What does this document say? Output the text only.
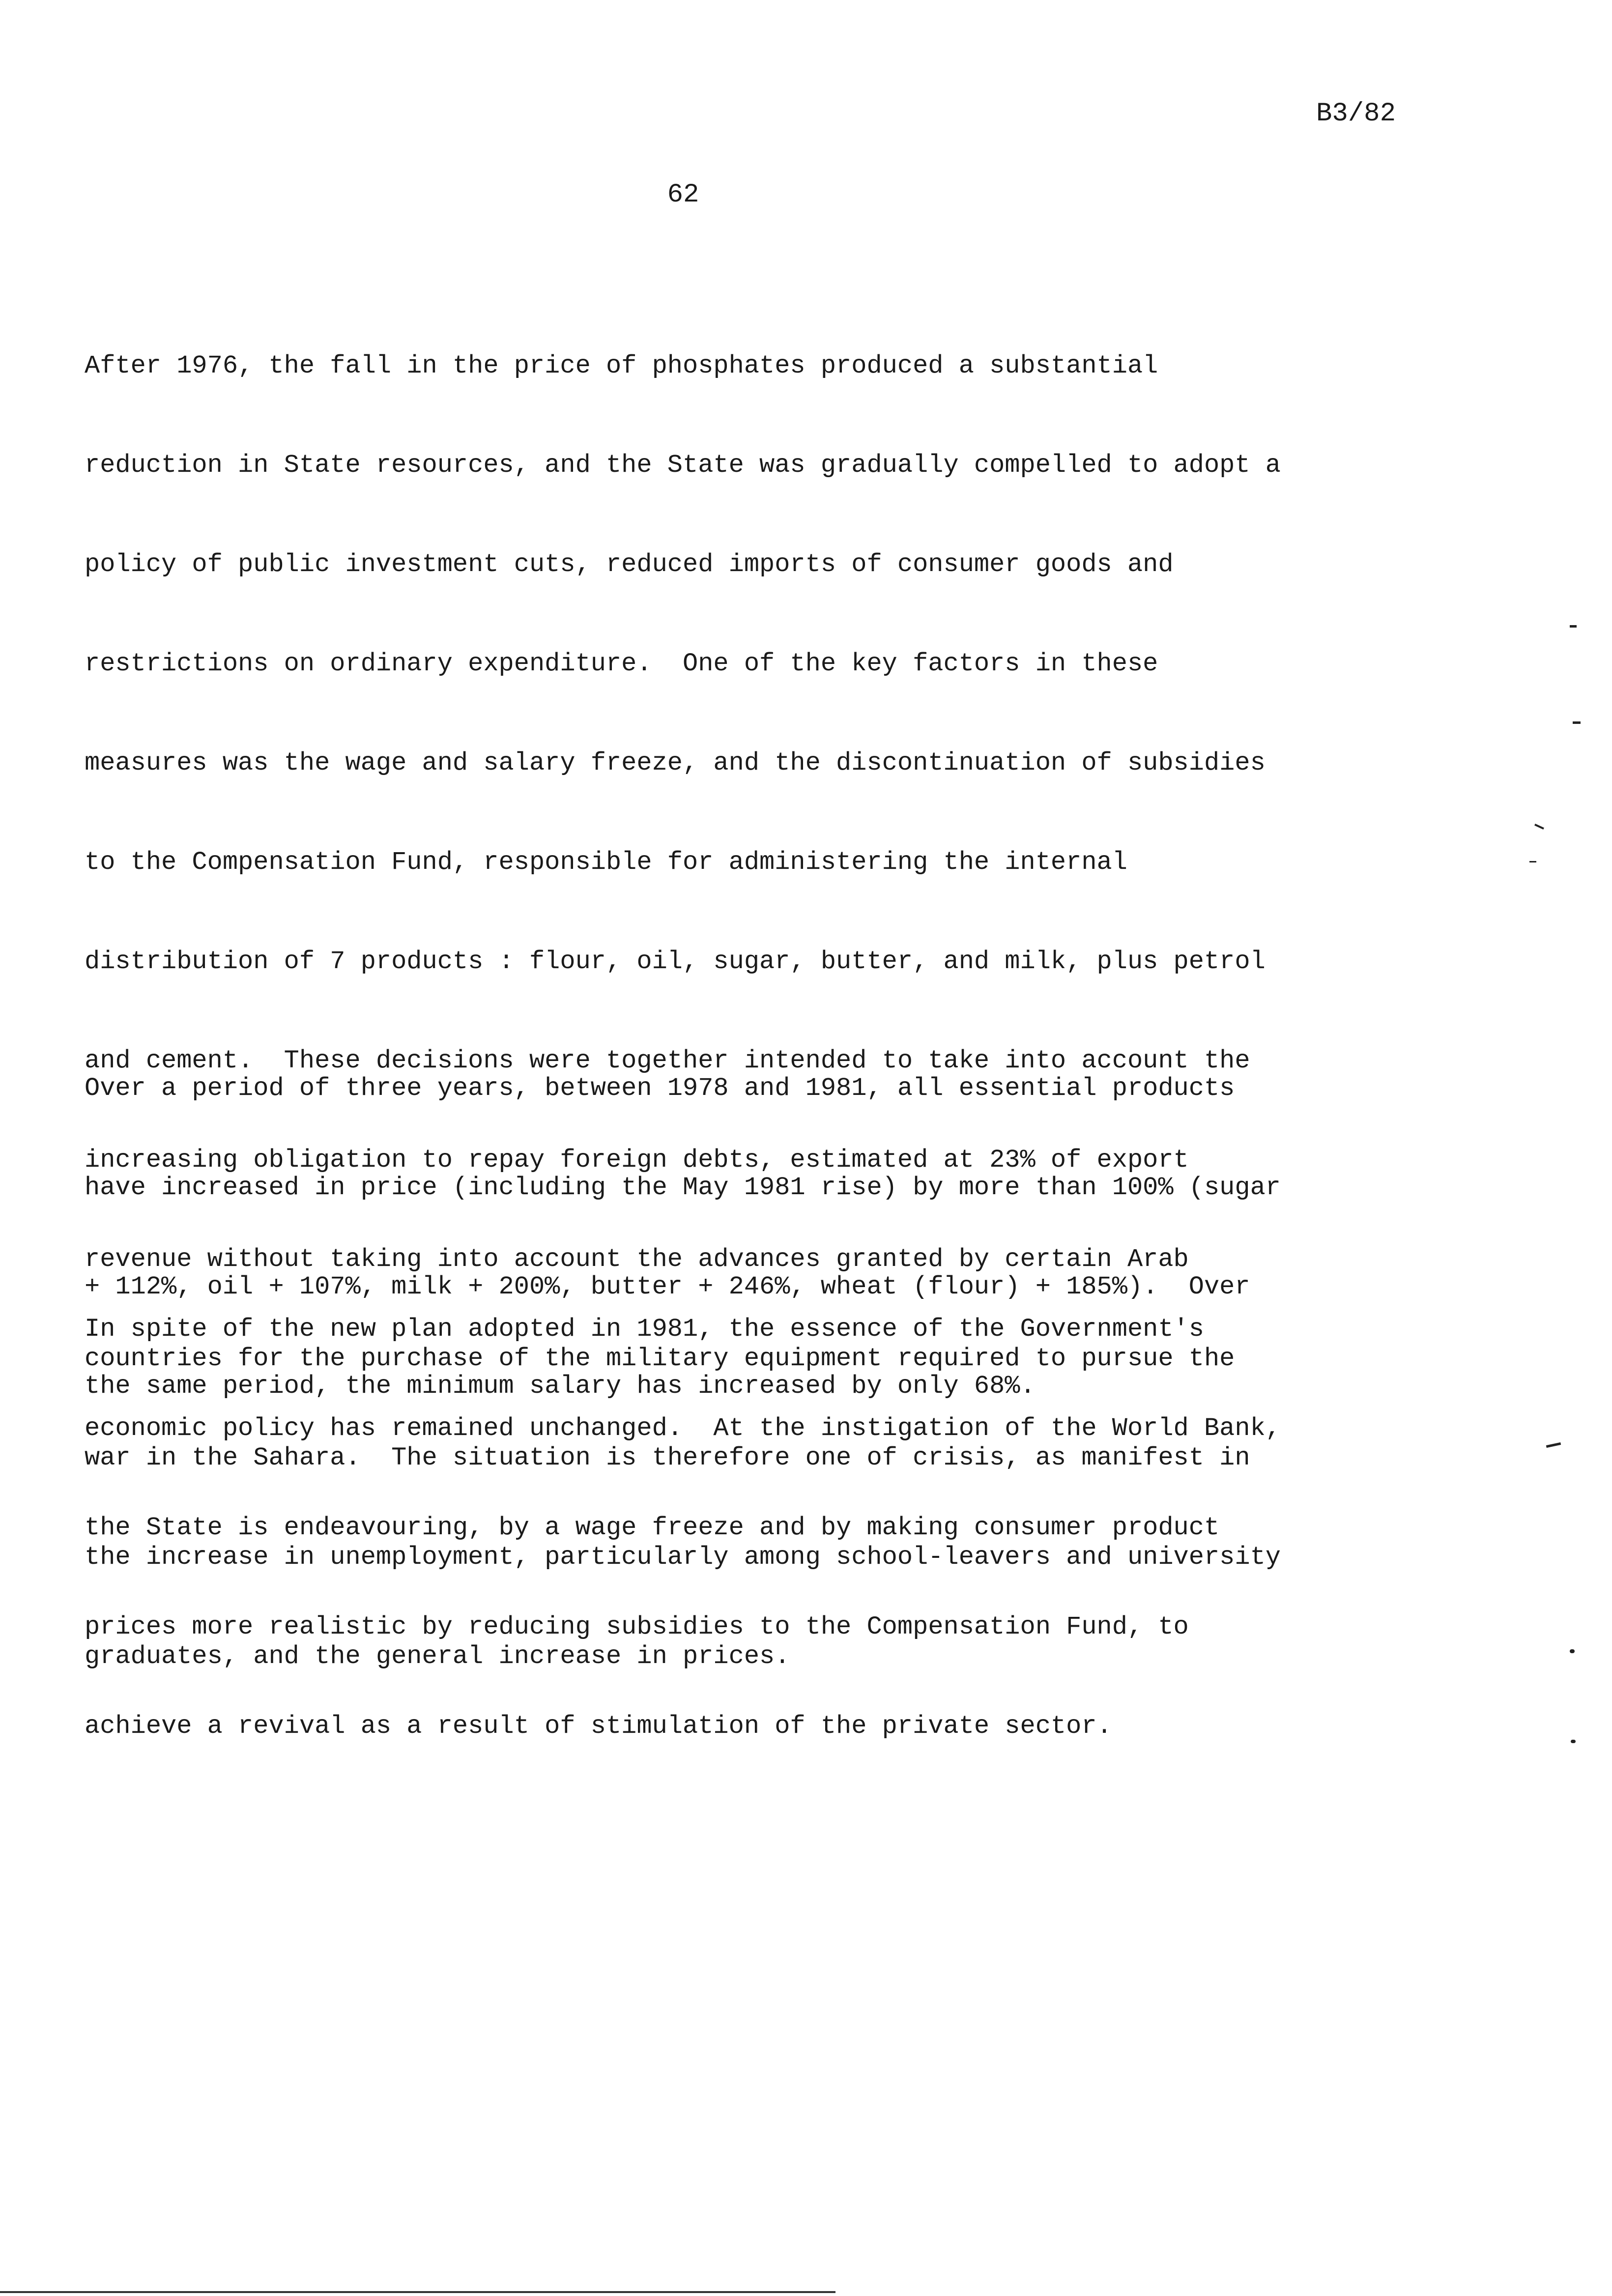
B3/82
62

After 1976, the fall in the price of phosphates produced a substantial

reduction in State resources, and the State was gradually compelled to adopt a

policy of public investment cuts, reduced imports of consumer goods and

restrictions on ordinary expenditure.  One of the key factors in these

measures was the wage and salary freeze, and the discontinuation of subsidies

to the Compensation Fund, responsible for administering the internal

distribution of 7 products : flour, oil, sugar, butter, and milk, plus petrol

and cement.  These decisions were together intended to take into account the

increasing obligation to repay foreign debts, estimated at 23% of export

revenue without taking into account the advances granted by certain Arab

countries for the purchase of the military equipment required to pursue the

war in the Sahara.  The situation is therefore one of crisis, as manifest in

the increase in unemployment, particularly among school-leavers and university

graduates, and the general increase in prices.

Over a period of three years, between 1978 and 1981, all essential products

have increased in price (including the May 1981 rise) by more than 100% (sugar

+ 112%, oil + 107%, milk + 200%, butter + 246%, wheat (flour) + 185%).  Over

the same period, the minimum salary has increased by only 68%.

In spite of the new plan adopted in 1981, the essence of the Government's

economic policy has remained unchanged.  At the instigation of the World Bank,

the State is endeavouring, by a wage freeze and by making consumer product

prices more realistic by reducing subsidies to the Compensation Fund, to

achieve a revival as a result of stimulation of the private sector.
